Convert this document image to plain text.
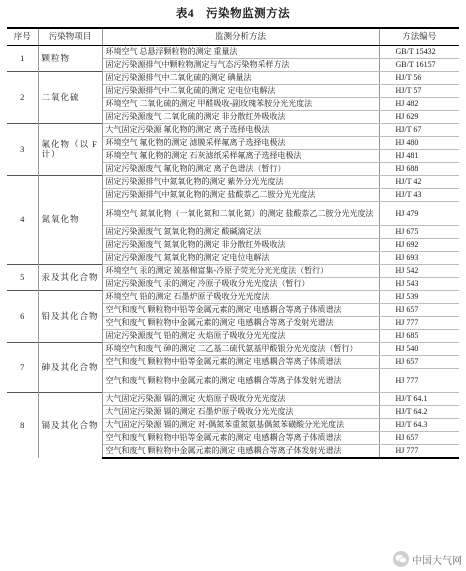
表4　污染物监测方法
序号	污染物项目	监测分析方法	方法编号
1	颗粒物	环境空气 总悬浮颗粒物的测定 重量法	GB/T 15432
		固定污染源排气中颗粒物测定与气态污染物采样方法	GB/T 16157
2	二氧化硫	固定污染源排气中二氧化硫的测定 碘量法	HJ/T 56
		固定污染源排气中二氧化硫的测定 定电位电解法	HJ/T 57
		环境空气 二氧化硫的测定 甲醛吸收-副玫瑰苯胺分光光度法	HJ 482
		固定污染源废气 二氧化硫的测定 非分散红外吸收法	HJ 629
3	氟化物（以 F 计）	大气固定污染源 氟化物的测定 离子选择电极法	HJ/T 67
		环境空气 氟化物的测定 滤膜采样氟离子选择电极法	HJ 480
		环境空气 氟化物的测定 石灰滤纸采样氟离子选择电极法	HJ 481
		固定污染源废气 氟化物的测定 离子色谱法（暂行）	HJ 688
4	氮氧化物	固定污染源排气中氮氧化物的测定 紫外分光光度法	HJ/T 42
		固定污染源排气中氮氧化物的测定 盐酸萘乙二胺分光光度法	HJ/T 43
		环境空气 氮氧化物（一氧化氮和二氧化氮）的测定 盐酸萘乙二胺分光光度法	HJ 479
		固定污染源废气 氮氧化物的测定 酸碱滴定法	HJ 675
		固定污染源废气 氮氧化物的测定 非分散红外吸收法	HJ 692
		固定污染源废气 氮氧化物的测定 定电位电解法	HJ 693
5	汞及其化合物	环境空气 汞的测定 巯基棉富集-冷原子荧光分光光度法（暂行）	HJ 542
		固定污染源废气 汞的测定 冷原子吸收分光光度法（暂行）	HJ 543
6	铅及其化合物	环境空气 铅的测定 石墨炉原子吸收分光光度法	HJ 539
		空气和废气 颗粒物中铅等金属元素的测定 电感耦合等离子体质谱法	HJ 657
		空气和废气 颗粒物中金属元素的测定 电感耦合等离子发射光谱法	HJ 777
		固定污染源废气 铅的测定 火焰原子吸收分光光度法	HJ 685
7	砷及其化合物	环境空气和废气 砷的测定 二乙基二硫代氨基甲酸银分光光度法（暂行）	HJ 540
		空气和废气 颗粒物中铅等金属元素的测定 电感耦合等离子体质谱法	HJ 657
		空气和废气 颗粒物中金属元素的测定 电感耦合等离子体发射光谱法	HJ 777
8	镉及其化合物	大气固定污染源 镉的测定 火焰原子吸收分光光度法	HJ/T 64.1
		大气固定污染源 镉的测定 石墨炉原子吸收分光光度法	HJ/T 64.2
		大气固定污染源 镉的测定 对-偶氮苯重氮氨基偶氮苯磺酸分光光度法	HJ/T 64.3
		空气和废气 颗粒物中铅等金属元素的测定 电感耦合等离子体质谱法	HJ 657
		空气和废气 颗粒物中金属元素的测定 电感耦合等离子体发射光谱法	HJ 777
中国大气网
